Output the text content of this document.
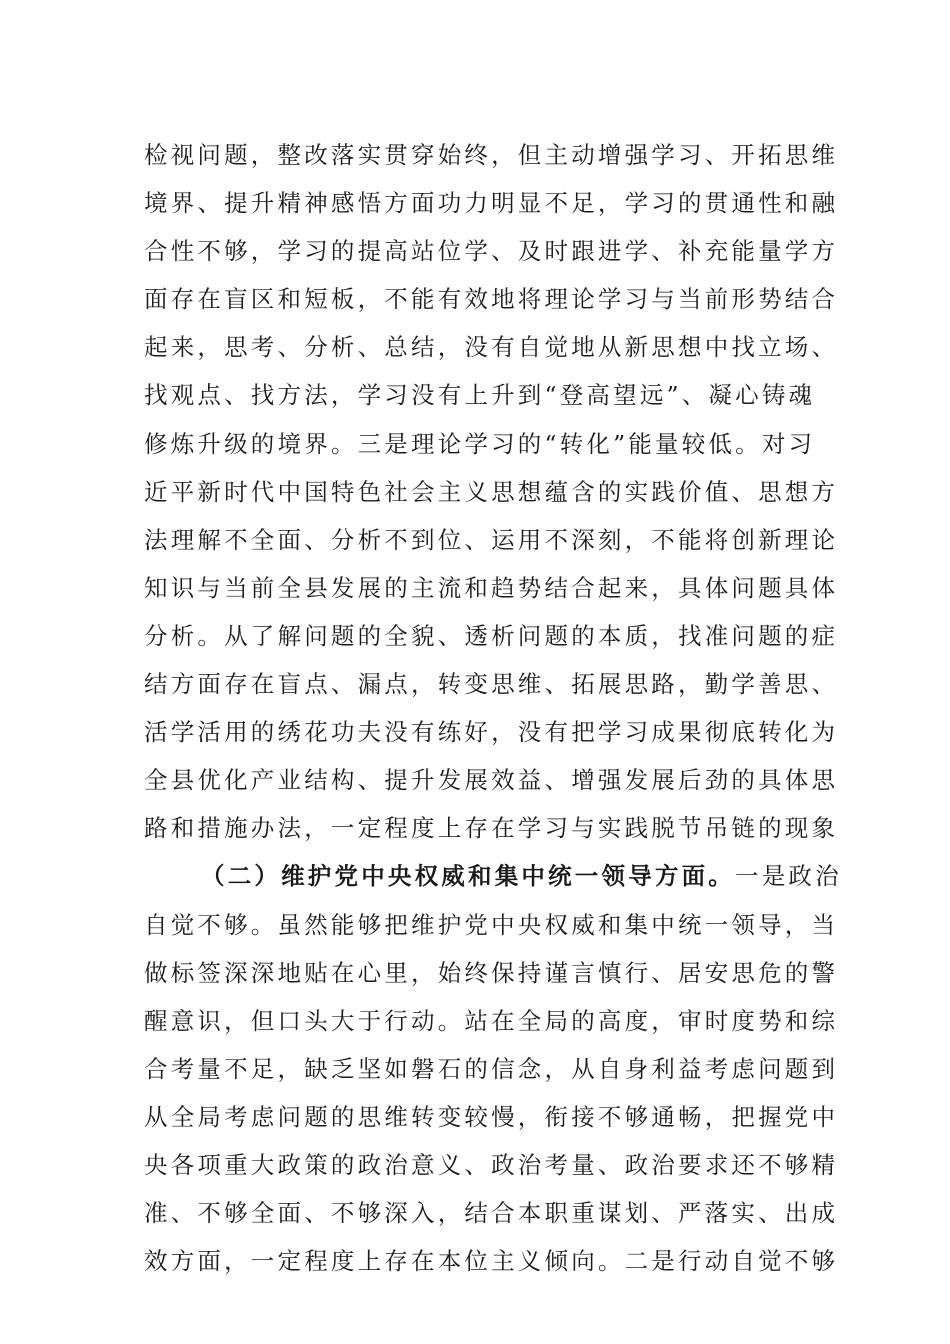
检视问题，整改落实贯穿始终，但主动增强学习、开拓思维
境界、提升精神感悟方面功力明显不足，学习的贯通性和融
合性不够，学习的提高站位学、及时跟进学、补充能量学方
面存在盲区和短板，不能有效地将理论学习与当前形势结合
起来，思考、分析、总结，没有自觉地从新思想中找立场、
找观点、找方法，学习没有上升到“登高望远”、凝心铸魂
修炼升级的境界。三是理论学习的“转化”能量较低。对习
近平新时代中国特色社会主义思想蕴含的实践价值、思想方
法理解不全面、分析不到位、运用不深刻，不能将创新理论
知识与当前全县发展的主流和趋势结合起来，具体问题具体
分析。从了解问题的全貌、透析问题的本质，找准问题的症
结方面存在盲点、漏点，转变思维、拓展思路，勤学善思、
活学活用的绣花功夫没有练好，没有把学习成果彻底转化为
全县优化产业结构、提升发展效益、增强发展后劲的具体思
路和措施办法，一定程度上存在学习与实践脱节吊链的现象
（二）维护党中央权威和集中统一领导方面。一是政治
自觉不够。虽然能够把维护党中央权威和集中统一领导，当
做标签深深地贴在心里，始终保持谨言慎行、居安思危的警
醒意识，但口头大于行动。站在全局的高度，审时度势和综
合考量不足，缺乏坚如磐石的信念，从自身利益考虑问题到
从全局考虑问题的思维转变较慢，衔接不够通畅，把握党中
央各项重大政策的政治意义、政治考量、政治要求还不够精
准、不够全面、不够深入，结合本职重谋划、严落实、出成
效方面，一定程度上存在本位主义倾向。二是行动自觉不够
